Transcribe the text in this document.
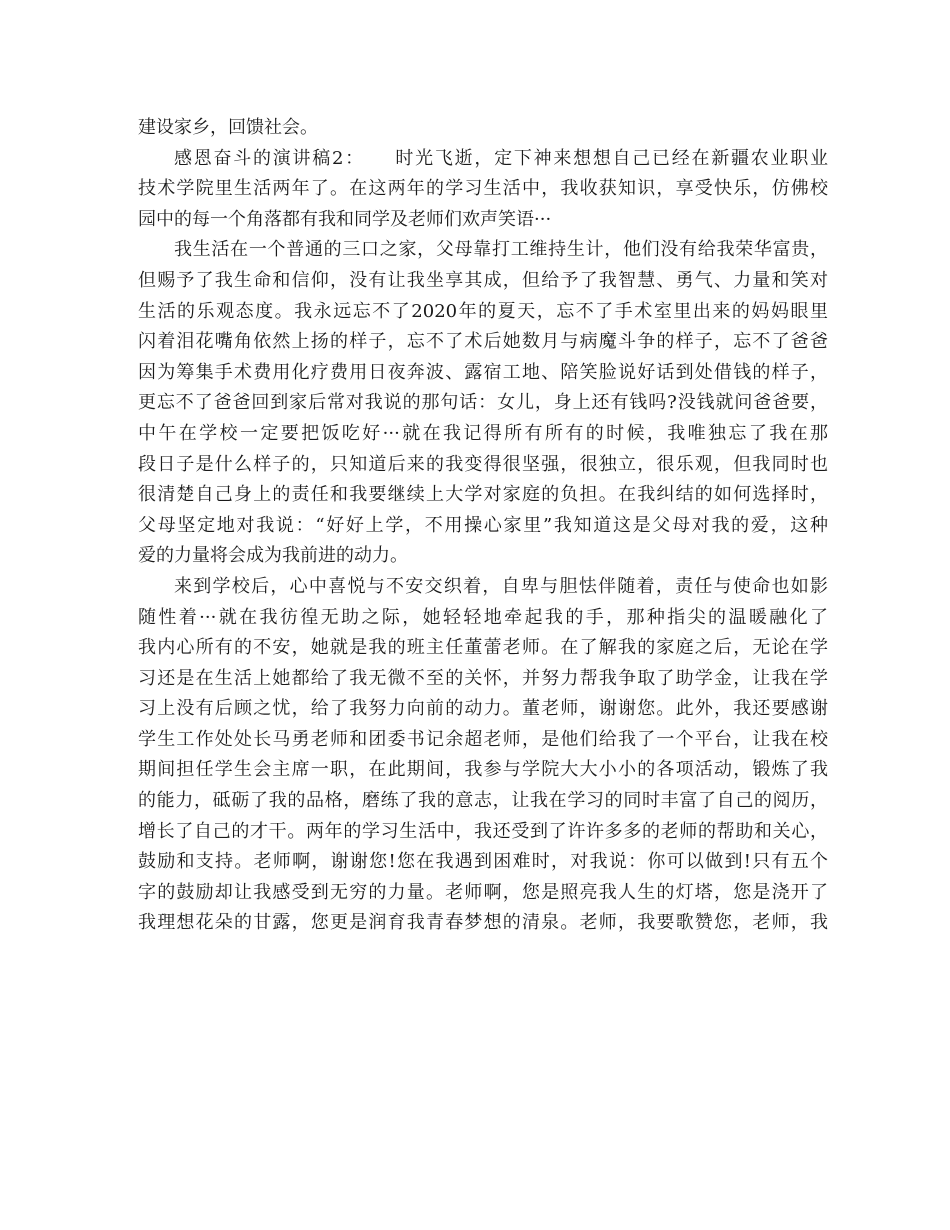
建设家乡，回馈社会。
感恩奋斗的演讲稿2：　　时光飞逝，定下神来想想自己已经在新疆农业职业
技术学院里生活两年了。在这两年的学习生活中，我收获知识，享受快乐，仿佛校
园中的每一个角落都有我和同学及老师们欢声笑语···
我生活在一个普通的三口之家，父母靠打工维持生计，他们没有给我荣华富贵，
但赐予了我生命和信仰，没有让我坐享其成，但给予了我智慧、勇气、力量和笑对
生活的乐观态度。我永远忘不了2020年的夏天，忘不了手术室里出来的妈妈眼里
闪着泪花嘴角依然上扬的样子，忘不了术后她数月与病魔斗争的样子，忘不了爸爸
因为筹集手术费用化疗费用日夜奔波、露宿工地、陪笑脸说好话到处借钱的样子，
更忘不了爸爸回到家后常对我说的那句话：女儿，身上还有钱吗?没钱就问爸爸要，
中午在学校一定要把饭吃好···就在我记得所有所有的时候，我唯独忘了我在那
段日子是什么样子的，只知道后来的我变得很坚强，很独立，很乐观，但我同时也
很清楚自己身上的责任和我要继续上大学对家庭的负担。在我纠结的如何选择时，
父母坚定地对我说：“好好上学，不用操心家里”我知道这是父母对我的爱，这种
爱的力量将会成为我前进的动力。
来到学校后，心中喜悦与不安交织着，自卑与胆怯伴随着，责任与使命也如影
随性着···就在我彷徨无助之际，她轻轻地牵起我的手，那种指尖的温暖融化了
我内心所有的不安，她就是我的班主任董蕾老师。在了解我的家庭之后，无论在学
习还是在生活上她都给了我无微不至的关怀，并努力帮我争取了助学金，让我在学
习上没有后顾之忧，给了我努力向前的动力。董老师，谢谢您。此外，我还要感谢
学生工作处处长马勇老师和团委书记余超老师，是他们给我了一个平台，让我在校
期间担任学生会主席一职，在此期间，我参与学院大大小小的各项活动，锻炼了我
的能力，砥砺了我的品格，磨练了我的意志，让我在学习的同时丰富了自己的阅历，
增长了自己的才干。两年的学习生活中，我还受到了许许多多的老师的帮助和关心，
鼓励和支持。老师啊，谢谢您!您在我遇到困难时，对我说：你可以做到!只有五个
字的鼓励却让我感受到无穷的力量。老师啊，您是照亮我人生的灯塔，您是浇开了
我理想花朵的甘露，您更是润育我青春梦想的清泉。老师，我要歌赞您，老师，我
